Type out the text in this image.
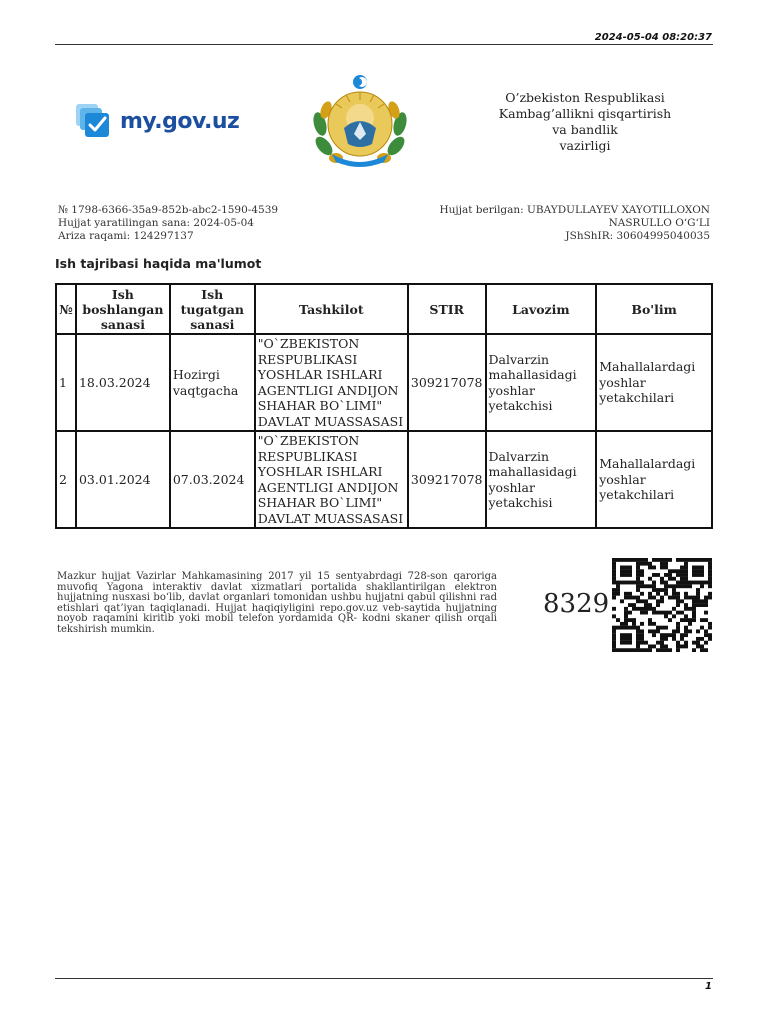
2024-05-04 08:20:37
my.gov.uz
O’zbekiston Respublikasi
Kambag’allikni qisqartirish
va bandlik
vazirligi
№ 1798-6366-35a9-852b-abc2-1590-4539
Hujjat yaratilingan sana: 2024-05-04
Ariza raqami: 124297137
Hujjat berilgan: UBAYDULLAYEV XAYOTILLOXON
NASRULLO O‘G‘LI
JShShIR: 30604995040035
Ish tajribasi haqida ma'lumot
№	Ish boshlangan sanasi	Ish tugatgan sanasi	Tashkilot	STIR	Lavozim	Bo'lim
1	18.03.2024	Hozirgi vaqtgacha	"O`ZBEKISTON RESPUBLIKASI YOSHLAR ISHLARI AGENTLIGI ANDIJON SHAHAR BO`LIMI" DAVLAT MUASSASASI	309217078	Dalvarzin mahallasidagi yoshlar yetakchisi	Mahallalardagi yoshlar yetakchilari
2	03.01.2024	07.03.2024	"O`ZBEKISTON RESPUBLIKASI YOSHLAR ISHLARI AGENTLIGI ANDIJON SHAHAR BO`LIMI" DAVLAT MUASSASASI	309217078	Dalvarzin mahallasidagi yoshlar yetakchisi	Mahallalardagi yoshlar yetakchilari
Mazkur hujjat Vazirlar Mahkamasining 2017 yil 15 sentyabrdagi 728-son qaroriga muvofiq Yagona interaktiv davlat xizmatlari portalida shakllantirilgan elektron hujjatning nusxasi bo‘lib, davlat organlari tomonidan ushbu hujjatni qabul qilishni rad etishlari qat’iyan taqiqlanadi. Hujjat haqiqiyligini repo.gov.uz veb-saytida hujjatning noyob raqamini kiritib yoki mobil telefon yordamida QR- kodni skaner qilish orqali tekshirish mumkin.
8329
1
